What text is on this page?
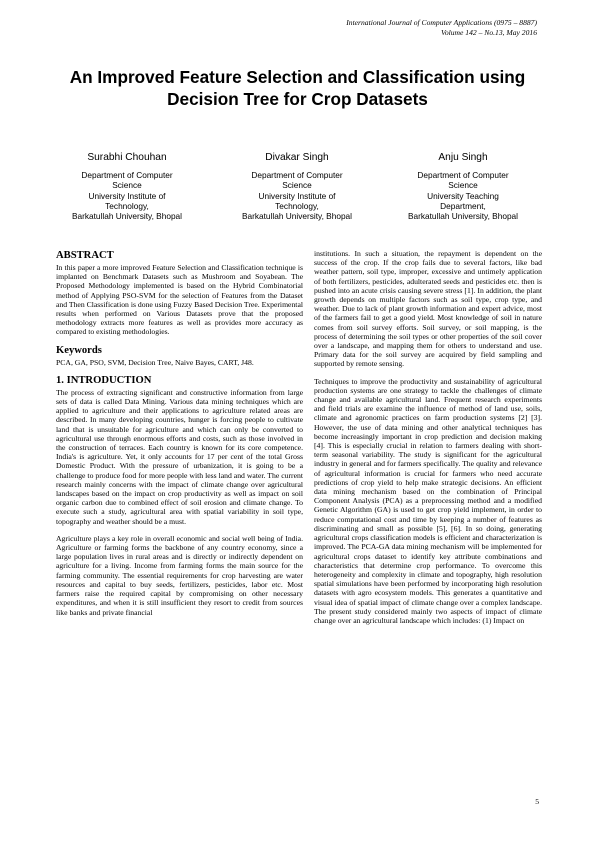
International Journal of Computer Applications (0975 – 8887)
Volume 142 – No.13, May 2016
An Improved Feature Selection and Classification using
Decision Tree for Crop Datasets
Surabhi Chouhan
Department of Computer
Science
University Institute of
Technology,
Barkatullah University, Bhopal
Divakar Singh
Department of Computer
Science
University Institute of
Technology,
Barkatullah University, Bhopal
Anju Singh
Department of Computer
Science
University Teaching
Department,
Barkatullah University, Bhopal
ABSTRACT

In this paper a more improved Feature Selection and Classification technique is implanted on Benchmark Datasets such as Mushroom and Soyabean. The Proposed Methodology implemented is based on the Hybrid Combinatorial method of Applying PSO-SVM for the selection of Features from the Dataset and Then Classification is done using Fuzzy Based Decision Tree. Experimental results when performed on Various Datasets prove that the proposed methodology extracts more features as well as provides more accuracy as compared to existing methodologies.

Keywords

PCA, GA, PSO, SVM, Decision Tree, Naive Bayes, CART, J48.

1. INTRODUCTION

The process of extracting significant and constructive information from large sets of data is called Data Mining. Various data mining techniques which are applied to agriculture and their applications to agriculture related areas are described. In many developing countries, hunger is forcing people to cultivate land that is unsuitable for agriculture and which can only be converted to agricultural use through enormous efforts and costs, such as those involved in the construction of terraces. Each country is known for its core competence. India's is agriculture. Yet, it only accounts for 17 per cent of the total Gross Domestic Product. With the pressure of urbanization, it is going to be a challenge to produce food for more people with less land and water. The current research mainly concerns with the impact of climate change over agricultural landscapes based on the impact on crop productivity as well as impact on soil organic carbon due to combined effect of soil erosion and climate change. To execute such a study, agricultural area with spatial variability in soil type, topography and weather should be a must.

Agriculture plays a key role in overall economic and social well being of India. Agriculture or farming forms the backbone of any country economy, since a large population lives in rural areas and is directly or indirectly dependent on agriculture for a living. Income from farming forms the main source for the farming community. The essential requirements for crop harvesting are water resources and capital to buy seeds, fertilizers, pesticides, labor etc. Most farmers raise the required capital by compromising on other necessary expenditures, and when it is still insufficient they resort to credit from sources like banks and private financial

institutions. In such a situation, the repayment is dependent on the success of the crop. If the crop fails due to several factors, like bad weather pattern, soil type, improper, excessive and untimely application of both fertilizers, pesticides, adulterated seeds and pesticides etc. then is pushed into an acute crisis causing severe stress [1]. In addition, the plant growth depends on multiple factors such as soil type, crop type, and weather. Due to lack of plant growth information and expert advice, most of the farmers fail to get a good yield. Most knowledge of soil in nature comes from soil survey efforts. Soil survey, or soil mapping, is the process of determining the soil types or other properties of the soil cover over a landscape, and mapping them for others to understand and use. Primary data for the soil survey are acquired by field sampling and supported by remote sensing.

Techniques to improve the productivity and sustainability of agricultural production systems are one strategy to tackle the challenges of climate change and available agricultural land. Frequent research experiments and field trials are examine the influence of method of land use, soils, climate and agronomic practices on farm production systems [2] [3]. However, the use of data mining and other analytical techniques has become increasingly important in crop prediction and decision making [4]. This is especially crucial in relation to farmers dealing with short-term seasonal variability. The study is significant for the agricultural industry in general and for farmers specifically. The quality and relevance of agricultural information is crucial for farmers who need accurate predictions of crop yield to help make strategic decisions. An efficient data mining mechanism based on the combination of Principal Component Analysis (PCA) as a preprocessing method and a modified Genetic Algorithm (GA) is used to get crop yield implement, in order to reduce computational cost and time by keeping a number of features as discriminating and small as possible [5], [6]. In so doing, generating agricultural crops classification models is efficient and characterization is improved. The PCA-GA data mining mechanism will be implemented for agricultural crops dataset to identify key attribute combinations and characteristics that determine crop performance. To overcome this heterogeneity and complexity in climate and topography, high resolution spatial simulations have been performed by incorporating high resolution datasets with agro ecosystem models. This generates a quantitative and visual idea of spatial impact of climate change over a complex landscape. The present study considered mainly two aspects of impact of climate change over an agricultural landscape which includes: (1) Impact on

5
